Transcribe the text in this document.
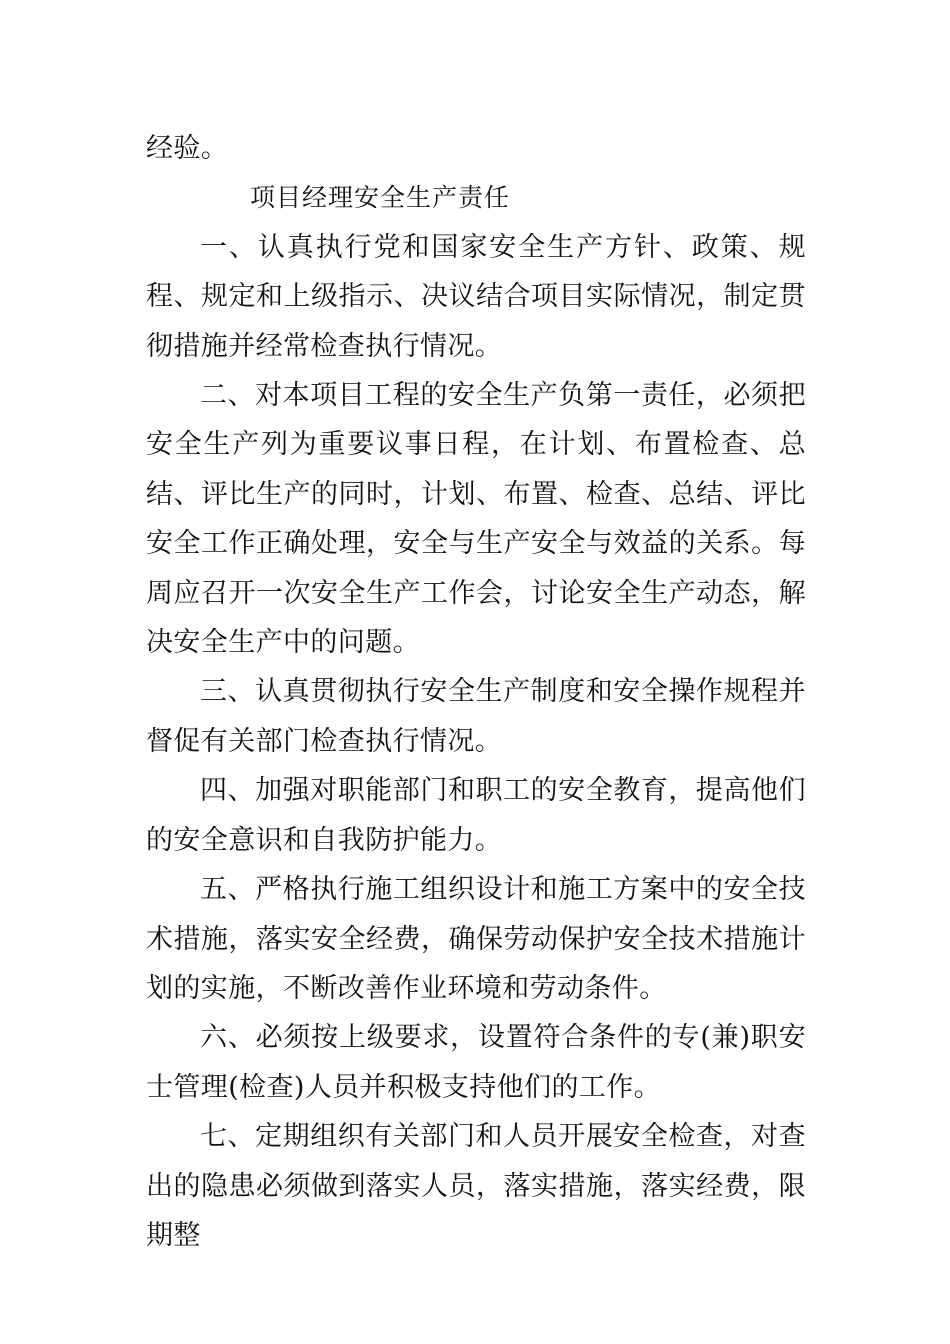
经验。

项目经理安全生产责任

一、认真执行党和国家安全生产方针、政策、规程、规定和上级指示、决议结合项目实际情况，制定贯彻措施并经常检查执行情况。

二、对本项目工程的安全生产负第一责任，必须把安全生产列为重要议事日程，在计划、布置检查、总结、评比生产的同时，计划、布置、检查、总结、评比安全工作正确处理，安全与生产安全与效益的关系。每周应召开一次安全生产工作会，讨论安全生产动态，解决安全生产中的问题。

三、认真贯彻执行安全生产制度和安全操作规程并督促有关部门检查执行情况。

四、加强对职能部门和职工的安全教育，提高他们的安全意识和自我防护能力。

五、严格执行施工组织设计和施工方案中的安全技术措施，落实安全经费，确保劳动保护安全技术措施计划的实施，不断改善作业环境和劳动条件。

六、必须按上级要求，设置符合条件的专(兼)职安士管理(检查)人员并积极支持他们的工作。

七、定期组织有关部门和人员开展安全检查，对查出的隐患必须做到落实人员，落实措施，落实经费，限期整
